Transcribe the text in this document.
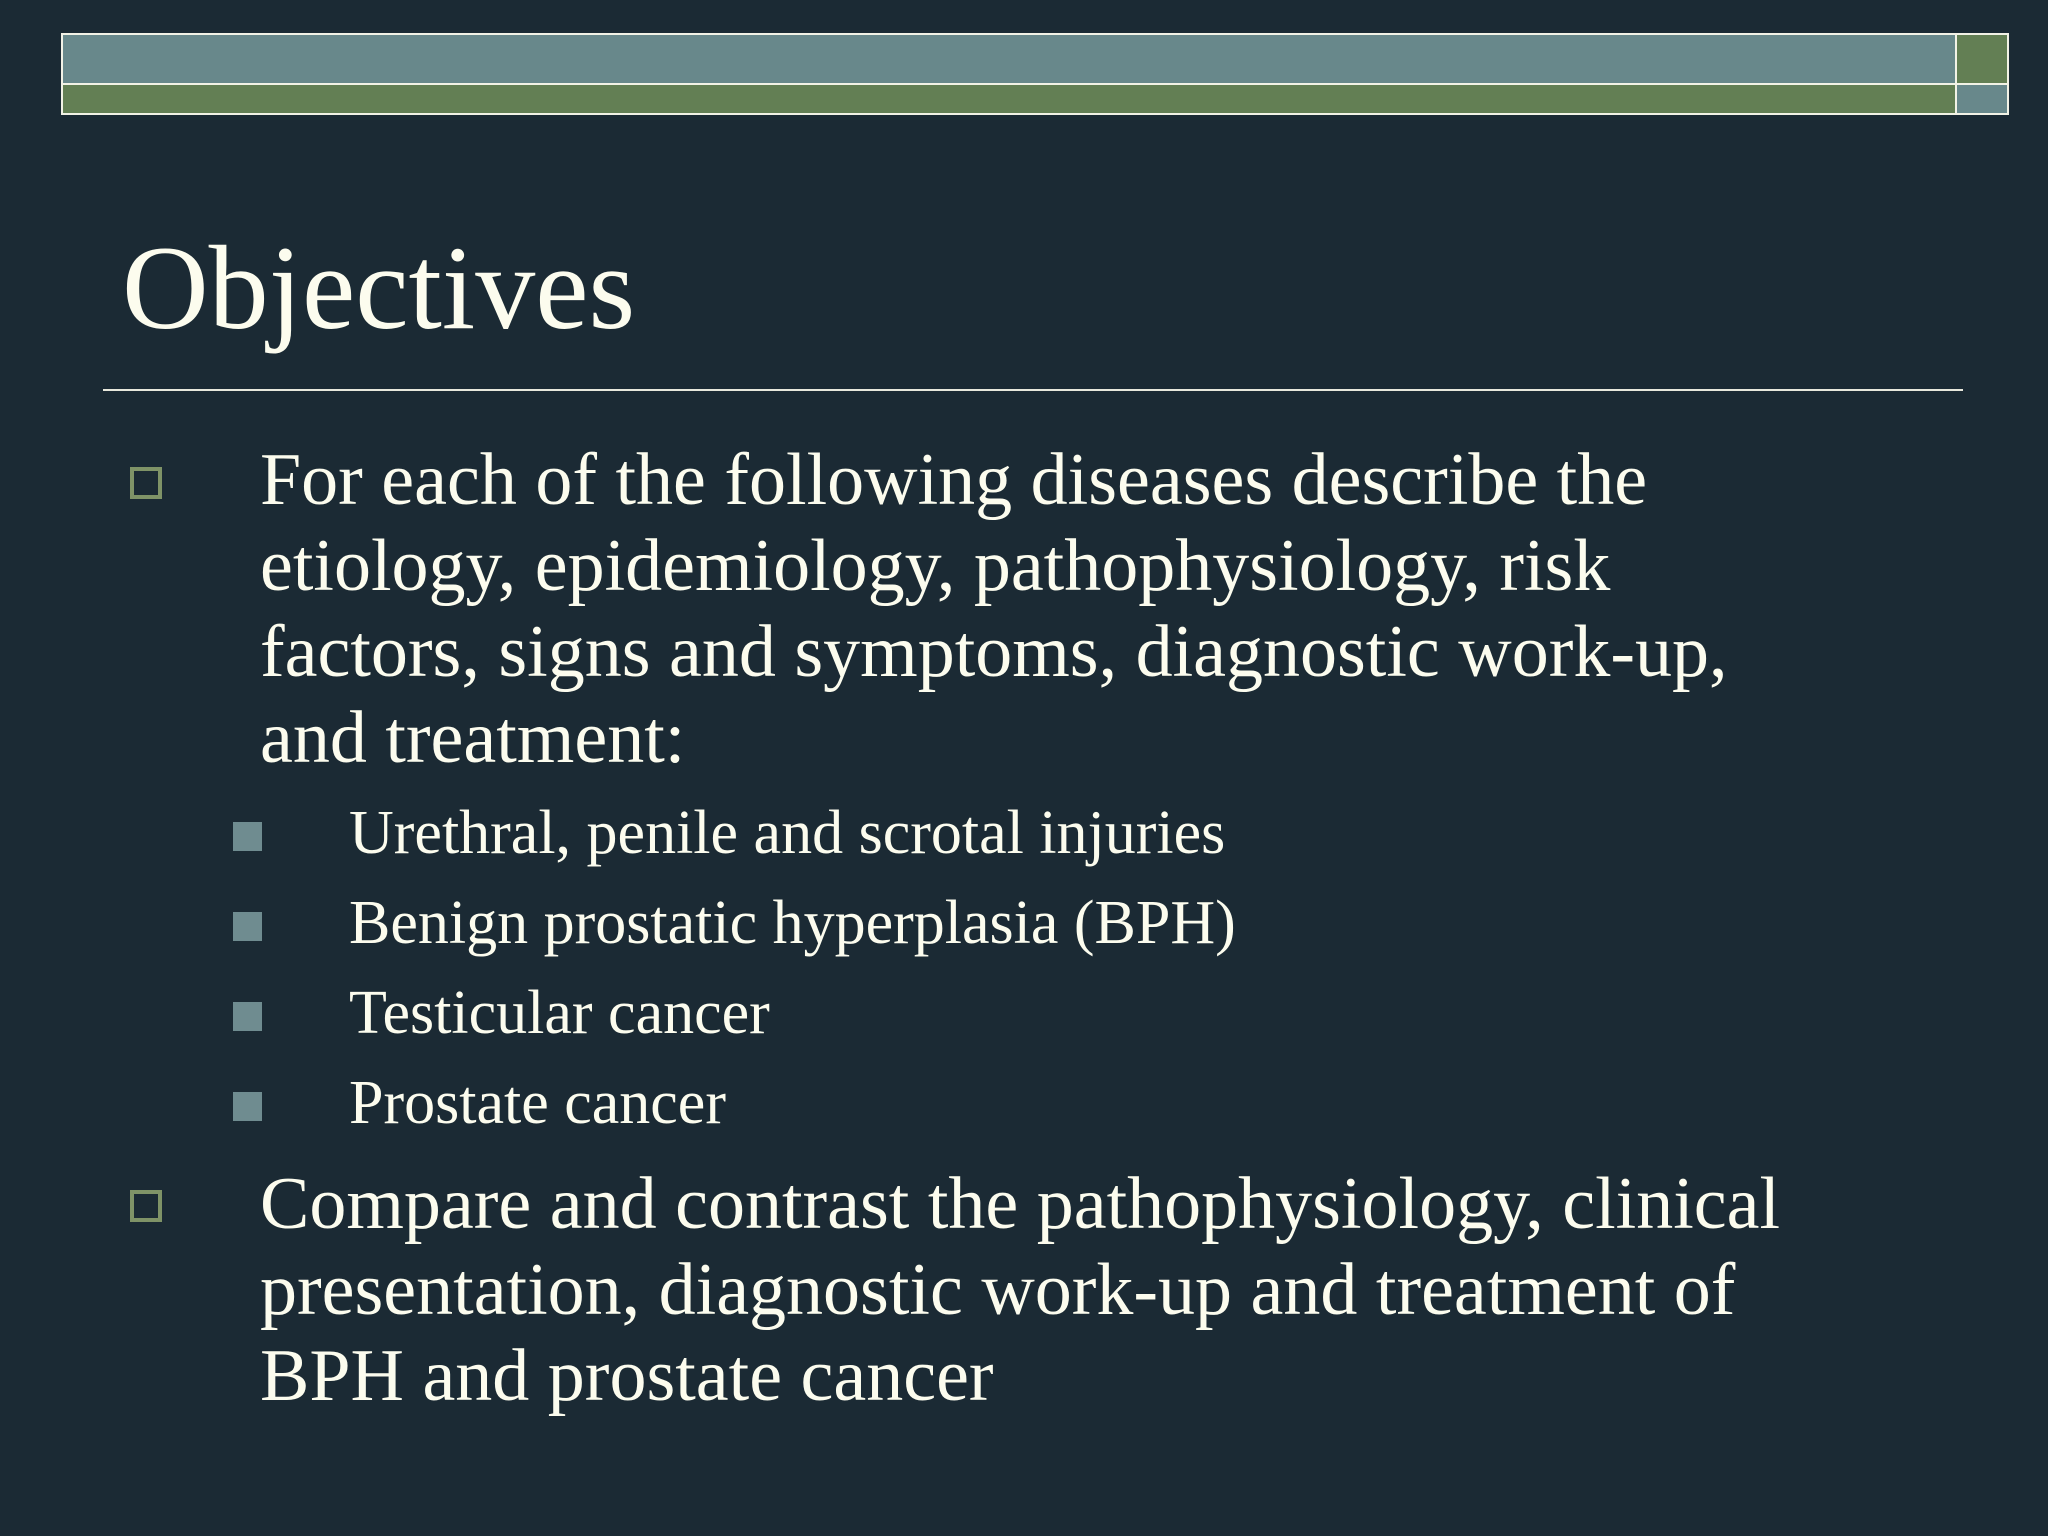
Objectives
For each of the following diseases describe the
etiology, epidemiology, pathophysiology, risk
factors, signs and symptoms, diagnostic work-up,
and treatment:
Urethral, penile and scrotal injuries
Benign prostatic hyperplasia (BPH)
Testicular cancer
Prostate cancer
Compare and contrast the pathophysiology, clinical
presentation, diagnostic work-up and treatment of
BPH and prostate cancer
